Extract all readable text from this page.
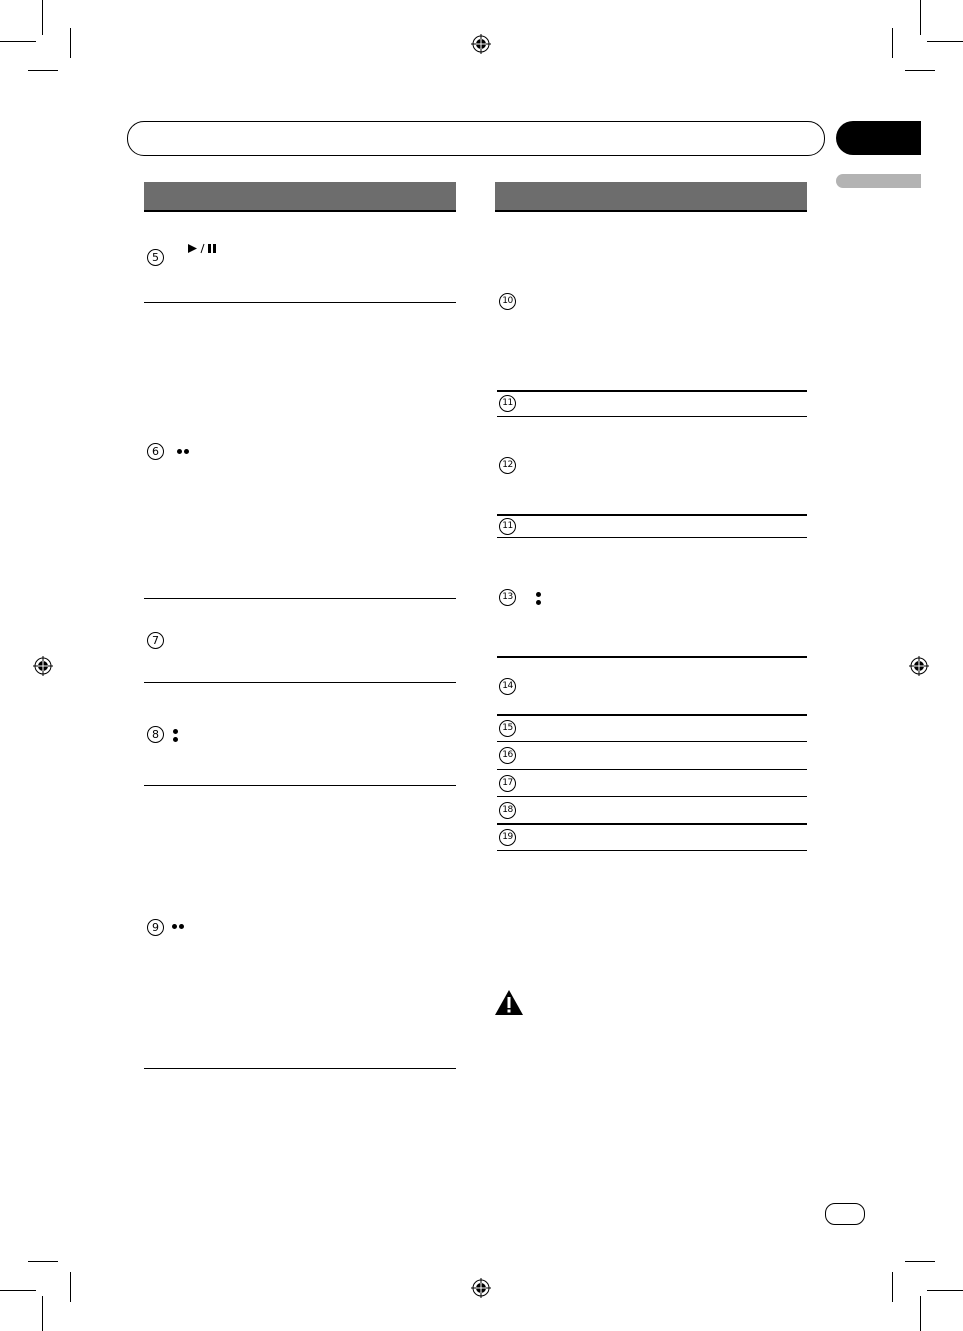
5
6
7
8
9
10
11
12
11
13
14
15
16
17
18
19
